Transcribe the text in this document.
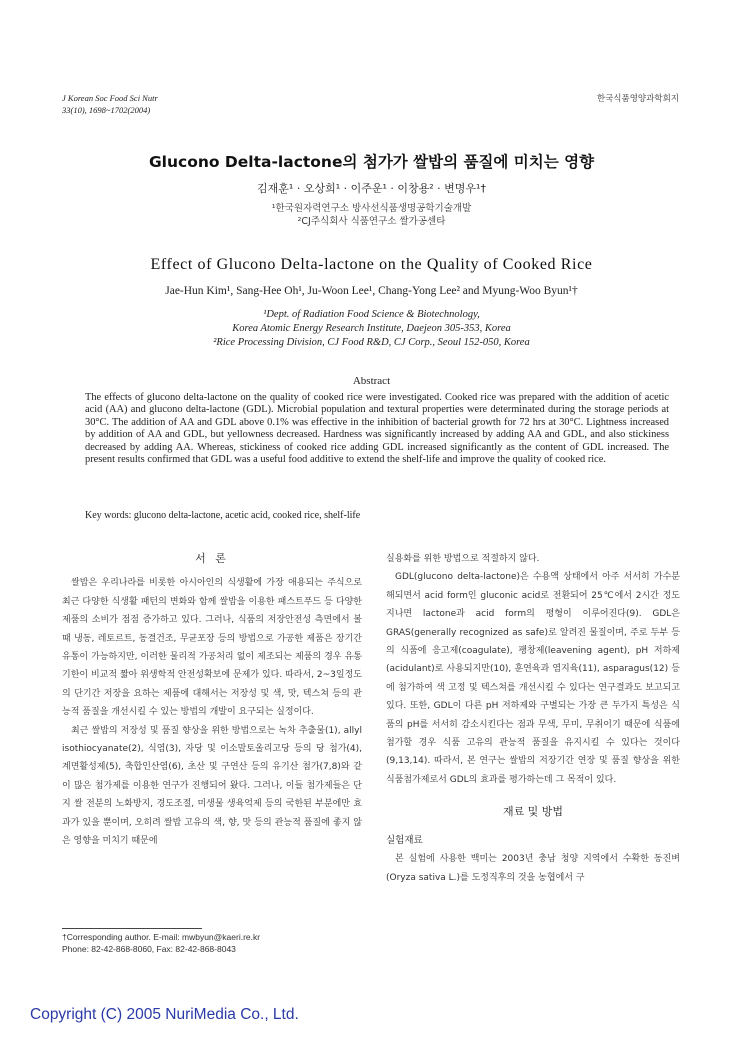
J Korean Soc Food Sci Nutr
33(10), 1698~1702(2004)
한국식품영양과학회지
Glucono Delta-lactone의 첨가가 쌀밥의 품질에 미치는 영향
김재훈¹ · 오상희¹ · 이주운¹ · 이창용² · 변명우¹†
¹한국원자력연구소 방사선식품생명공학기술개발
²CJ주식회사 식품연구소 쌀가공센타
Effect of Glucono Delta-lactone on the Quality of Cooked Rice
Jae-Hun Kim¹, Sang-Hee Oh¹, Ju-Woon Lee¹, Chang-Yong Lee² and Myung-Woo Byun¹†
¹Dept. of Radiation Food Science & Biotechnology,
Korea Atomic Energy Research Institute, Daejeon 305-353, Korea
²Rice Processing Division, CJ Food R&D, CJ Corp., Seoul 152-050, Korea
Abstract
The effects of glucono delta-lactone on the quality of cooked rice were investigated. Cooked rice was prepared with the addition of acetic acid (AA) and glucono delta-lactone (GDL). Microbial population and textural properties were determinated during the storage periods at 30°C. The addition of AA and GDL above 0.1% was effective in the inhibition of bacterial growth for 72 hrs at 30°C. Lightness increased by addition of AA and GDL, but yellowness decreased. Hardness was significantly increased by adding AA and GDL, and also stickiness decreased by adding AA. Whereas, stickiness of cooked rice adding GDL increased significantly as the content of GDL increased. The present results confirmed that GDL was a useful food additive to extend the shelf-life and improve the quality of cooked rice.
Key words: glucono delta-lactone, acetic acid, cooked rice, shelf-life
서 론

쌀밥은 우리나라를 비롯한 아시아인의 식생활에 가장 애용되는 주식으로 최근 다양한 식생활 패턴의 변화와 함께 쌀밥을 이용한 패스트푸드 등 다양한 제품의 소비가 점점 증가하고 있다. 그러나, 식품의 저장안전성 측면에서 볼 때 냉동, 레토르트, 동결건조, 무균포장 등의 방법으로 가공한 제품은 장기간 유통이 가능하지만, 이러한 물리적 가공처리 없이 제조되는 제품의 경우 유통기한이 비교적 짧아 위생학적 안전성확보에 문제가 있다. 따라서, 2~3일정도의 단기간 저장을 요하는 제품에 대해서는 저장성 및 색, 맛, 텍스쳐 등의 관능적 품질을 개선시킬 수 있는 방법의 개발이 요구되는 실정이다.

최근 쌀밥의 저장성 및 품질 향상을 위한 방법으로는 녹차 추출물(1), allyl isothiocyanate(2), 식염(3), 자당 및 이소말토올리고당 등의 당 첨가(4), 계면활성제(5), 축합인산염(6), 초산 및 구연산 등의 유기산 첨가(7,8)와 같이 많은 첨가제를 이용한 연구가 진행되어 왔다. 그러나, 이들 첨가제들은 단지 쌀 전분의 노화방지, 경도조절, 미생물 생육억제 등의 국한된 부분에만 효과가 있을 뿐이며, 오히려 쌀밥 고유의 색, 향, 맛 등의 관능적 품질에 좋지 않은 영향을 미치기 때문에

실용화를 위한 방법으로 적절하지 않다.

GDL(glucono delta-lactone)은 수용액 상태에서 아주 서서히 가수분해되면서 acid form인 gluconic acid로 전환되어 25℃에서 2시간 정도 지나면 lactone과 acid form의 평형이 이루어진다(9). GDL은 GRAS(generally recognized as safe)로 알려진 물질이며, 주로 두부 등의 식품에 응고제(coagulate), 팽창제(leavening agent), pH 저하제(acidulant)로 사용되지만(10), 훈연육과 염지육(11), asparagus(12) 등에 첨가하여 색 고정 및 텍스쳐를 개선시킬 수 있다는 연구결과도 보고되고 있다. 또한, GDL이 다른 pH 저하제와 구별되는 가장 큰 두가지 특성은 식품의 pH를 서서히 감소시킨다는 점과 무색, 무미, 무취이기 때문에 식품에 첨가할 경우 식품 고유의 관능적 품질을 유지시킬 수 있다는 것이다(9,13,14). 따라서, 본 연구는 쌀밥의 저장기간 연장 및 품질 향상을 위한 식품첨가제로서 GDL의 효과를 평가하는데 그 목적이 있다.

재료 및 방법
실험재료

본 실험에 사용한 백미는 2003년 충남 청양 지역에서 수확한 동진벼(Oryza sativa L.)를 도정직후의 것을 농협에서 구

†Corresponding author. E-mail: mwbyun@kaeri.re.kr
Phone: 82-42-868-8060, Fax: 82-42-868-8043
Copyright (C) 2005 NuriMedia Co., Ltd.
